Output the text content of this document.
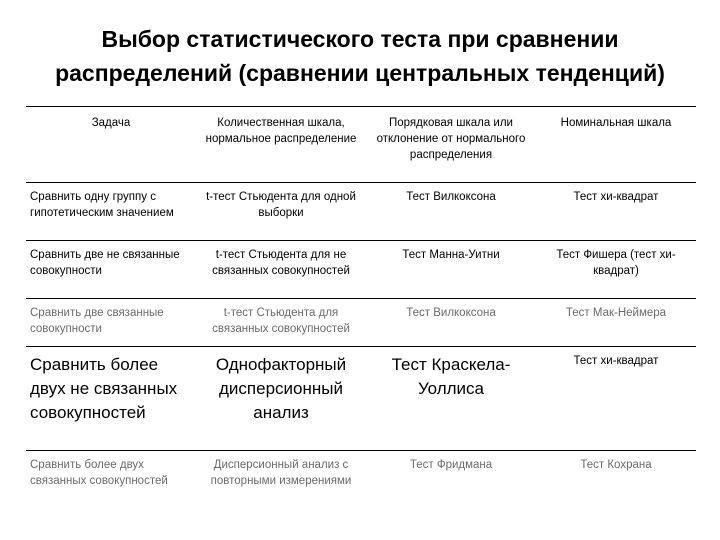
Выбор статистического теста при сравнении
распределений (сравнении центральных тенденций)
Задача	Количественная шкала, нормальное распределение	Порядковая шкала или отклонение от нормального распределения	Номинальная шкала
Сравнить одну группу с гипотетическим значением	t-тест Стьюдента для одной выборки	Тест Вилкоксона	Тест хи-квадрат
Сравнить две не связанные совокупности	t-тест Стьюдента для не связанных совокупностей	Тест Манна-Уитни	Тест Фишера (тест хи-квадрат)
Сравнить две связанные совокупности	t-тест Стьюдента для связанных совокупностей	Тест Вилкоксона	Тест Мак-Неймера
Сравнить более двух не связанных совокупностей	Однофакторный дисперсионный анализ	Тест Краскела-Уоллиса	Тест хи-квадрат
Сравнить более двух связанных совокупностей	Дисперсионный анализ с повторными измерениями	Тест Фридмана	Тест Кохрана
